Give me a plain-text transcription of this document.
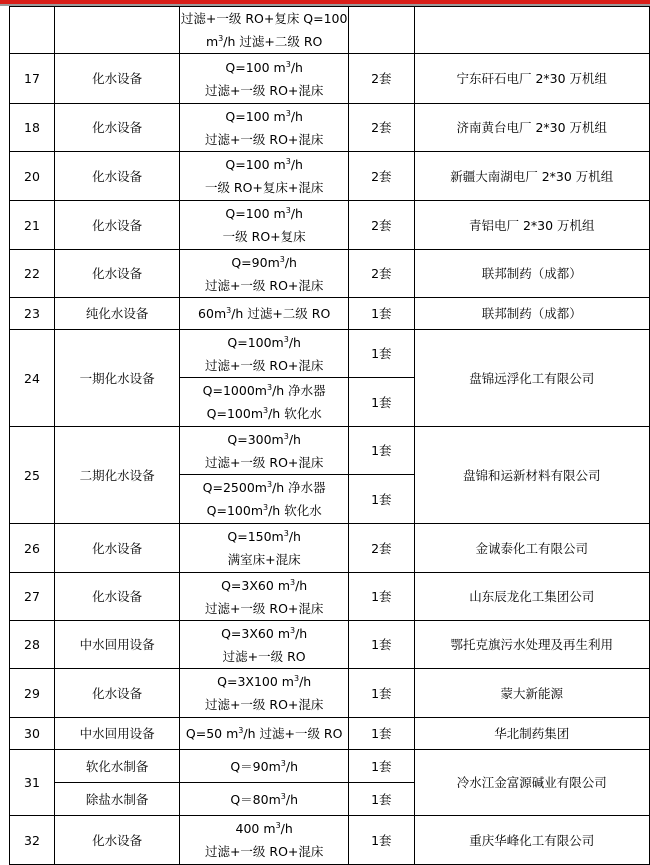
		过滤+一级 RO+复床 Q=100
$m^3/h$ 过滤+二级 RO		

17	化水设备	Q=100 $m^3/h$
过滤+一级 RO+混床	2套	宁东矸石电厂 2*30 万机组
18	化水设备	Q=100 $m^3/h$
过滤+一级 RO+混床	2套	济南黄台电厂 2*30 万机组
20	化水设备	Q=100 $m^3/h$
一级 RO+复床+混床	2套	新疆大南湖电厂 2*30 万机组
21	化水设备	Q=100 $m^3/h$
一级 RO+复床	2套	青铝电厂 2*30 万机组
22	化水设备	$Q=90m^3/h$
过滤+一级 RO+混床	2套	联邦制药（成都）
23	纯化水设备	$60m^3/h$ 过滤+二级 RO	1套	联邦制药（成都）
24	一期化水设备	$Q=100m^3/h$
过滤+一级 RO+混床	1套	盘锦远浮化工有限公司

		$Q=1000m^3/h$ 净水器
$Q=100m^3/h$ 软化水	1套	
25	二期化水设备	$Q=300m^3/h$
过滤+一级 RO+混床	1套	盘锦和运新材料有限公司

		$Q=2500m^3/h$ 净水器
$Q=100m^3/h$ 软化水	1套	
26	化水设备	$Q=150m^3/h$
满室床+混床	2套	金诚泰化工有限公司
27	化水设备	Q=3X60 $m^3/h$
过滤+一级 RO+混床	1套	山东辰龙化工集团公司
28	中水回用设备	Q=3X60 $m^3/h$
过滤+一级 RO	1套	鄂托克旗污水处理及再生利用
29	化水设备	Q=3X100 $m^3/h$
过滤+一级 RO+混床	1套	蒙大新能源
30	中水回用设备	Q=50 $m^3/h$ 过滤+一级 RO	1套	华北制药集团
31	软化水制备	$Q=90m^3/h$	1套	冷水江金富源碱业有限公司
	除盐水制备	$Q=80m^3/h$	1套	
32	化水设备	400 $m^3/h$
过滤+一级 RO+混床	1套	重庆华峰化工有限公司
